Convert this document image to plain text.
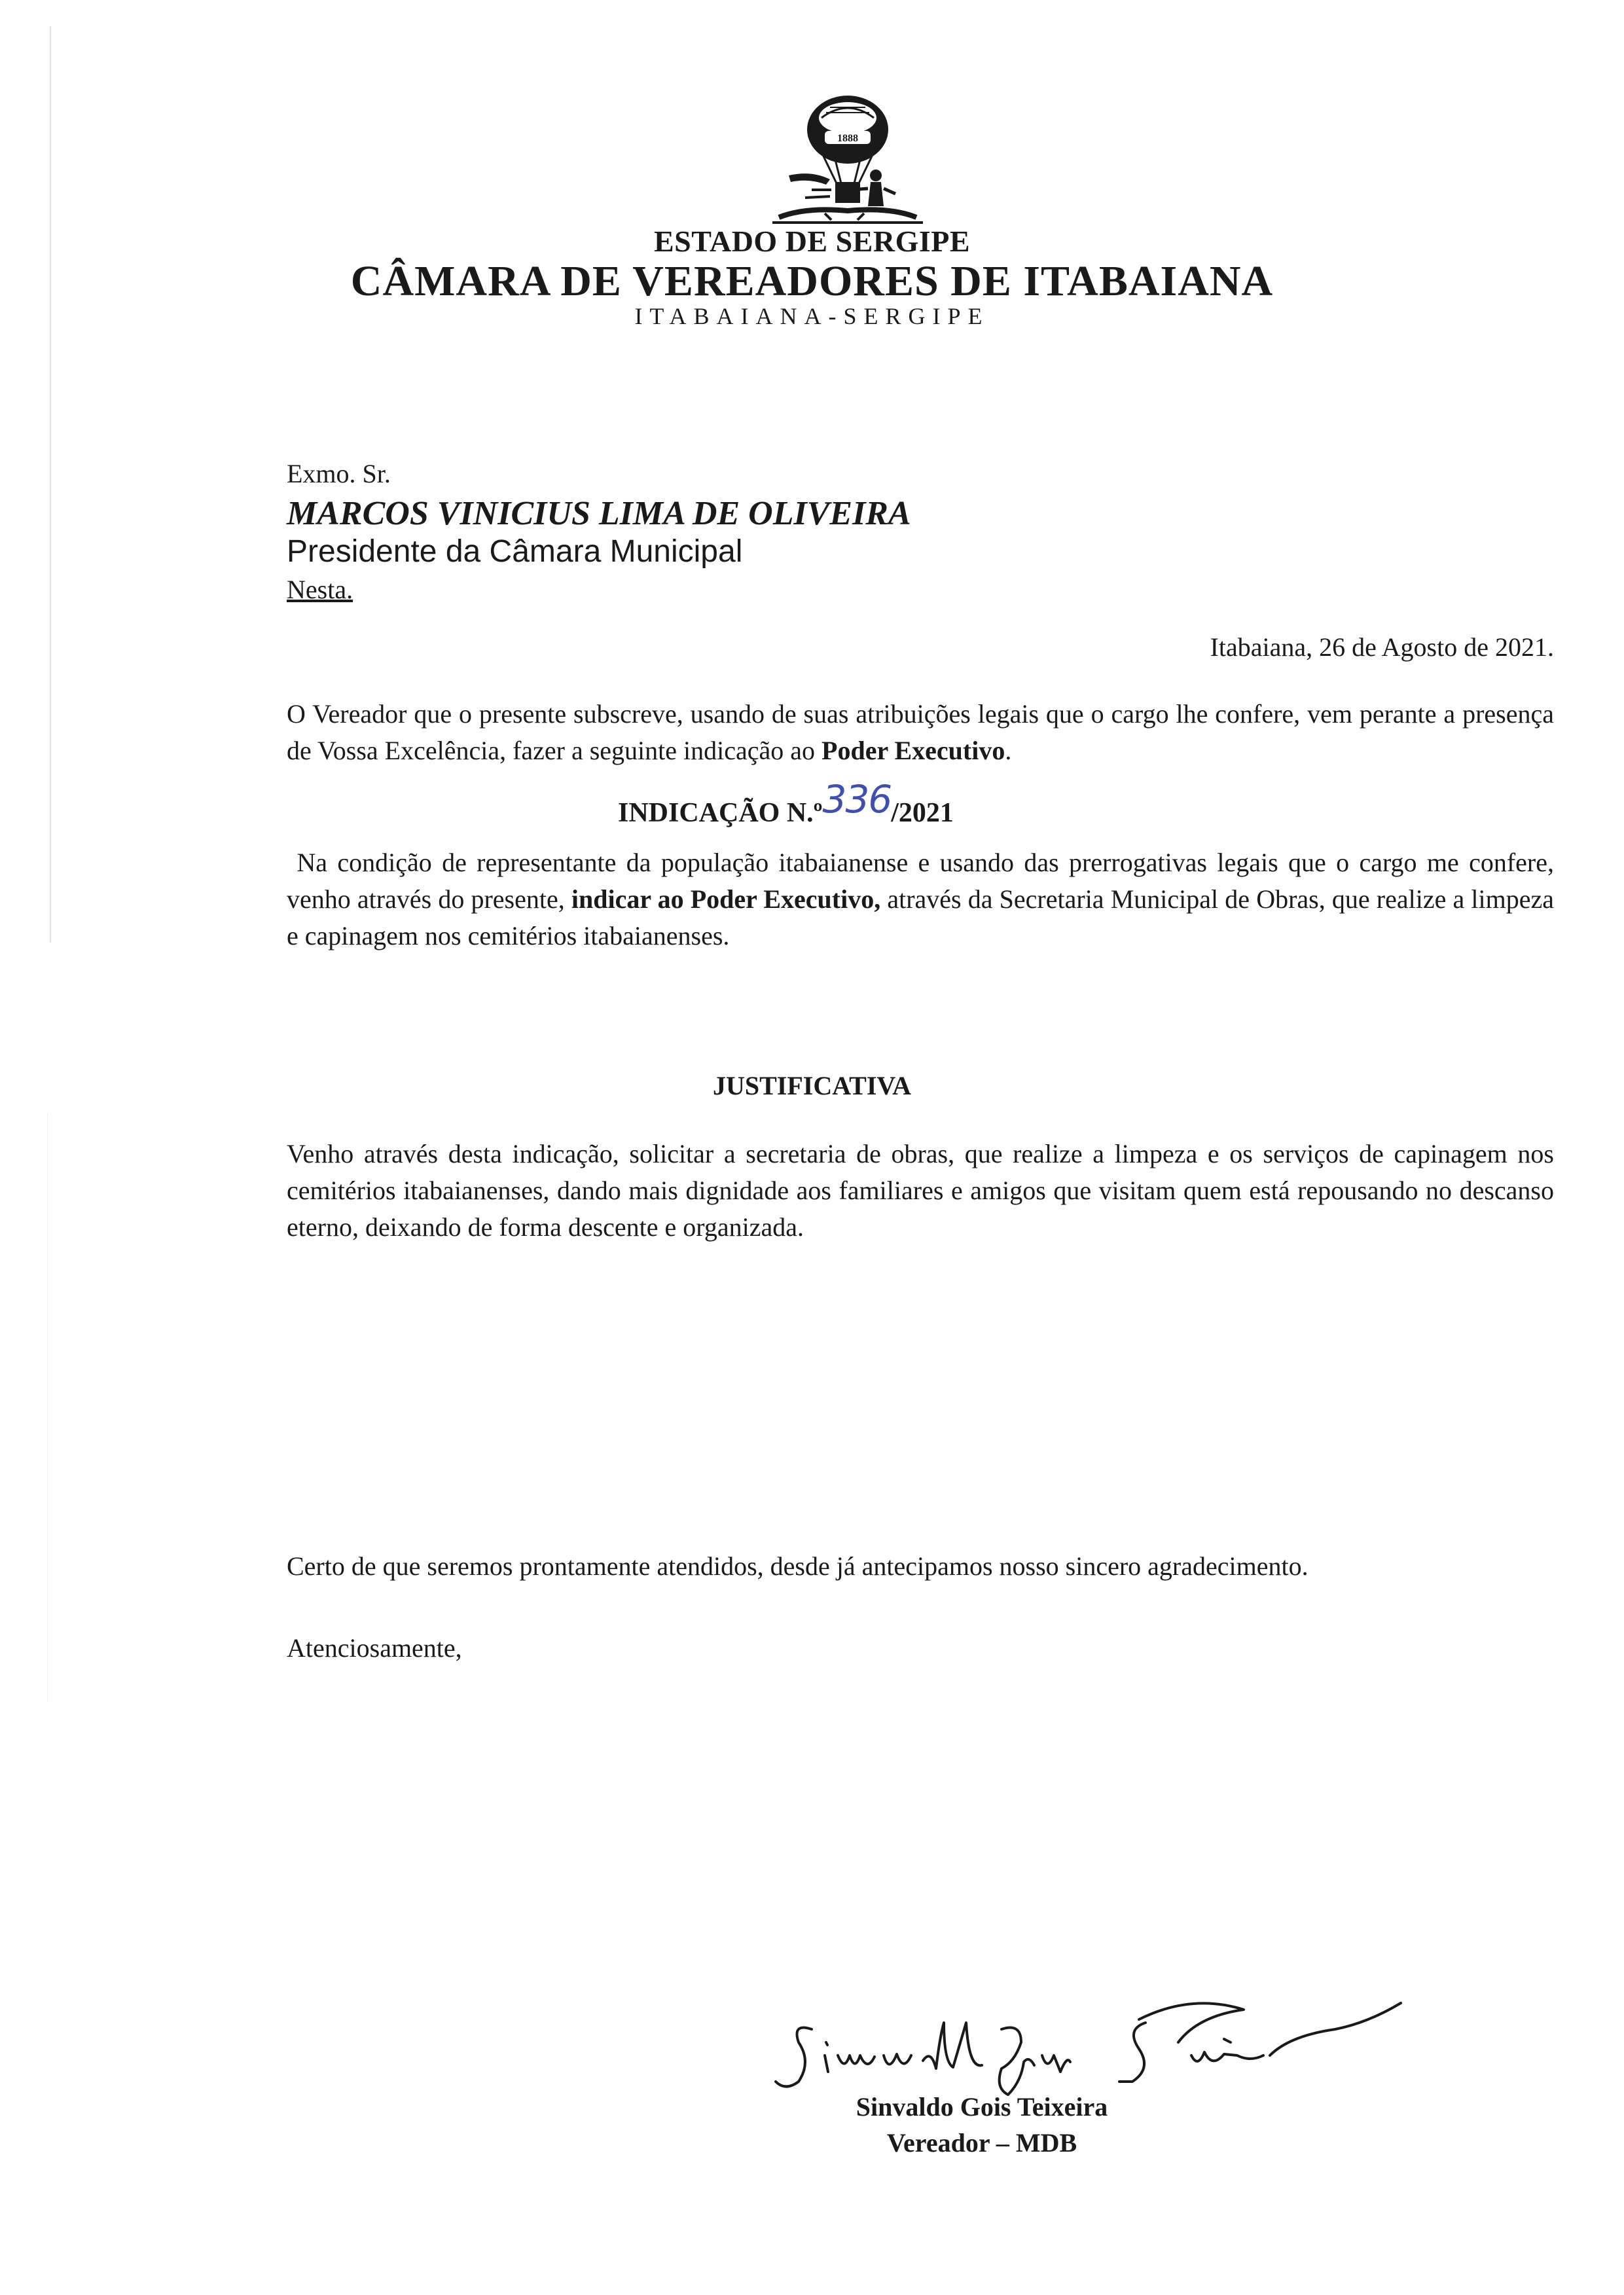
1888
ESTADO DE SERGIPE
CÂMARA DE VEREADORES DE ITABAIANA
ITABAIANA-SERGIPE
Exmo. Sr.
MARCOS VINICIUS LIMA DE OLIVEIRA
Presidente da Câmara Municipal
Nesta.
Itabaiana, 26 de Agosto de 2021.
O Vereador que o presente subscreve, usando de suas atribuições legais que o cargo lhe confere, vem perante a presença de Vossa Excelência, fazer a seguinte indicação ao Poder Executivo.
INDICAÇÃO N.º336/2021
Na condição de representante da população itabaianense e usando das prerrogativas legais que o cargo me confere, venho através do presente, indicar ao Poder Executivo, através da Secretaria Municipal de Obras, que realize a limpeza e capinagem nos cemitérios itabaianenses.
JUSTIFICATIVA
Venho através desta indicação, solicitar a secretaria de obras, que realize a limpeza e os serviços de capinagem nos cemitérios itabaianenses, dando mais dignidade aos familiares e amigos que visitam quem está repousando no descanso eterno, deixando de forma descente e organizada.
Certo de que seremos prontamente atendidos, desde já antecipamos nosso sincero agradecimento.
Atenciosamente,
Sinvaldo Gois Teixeira
Vereador – MDB
